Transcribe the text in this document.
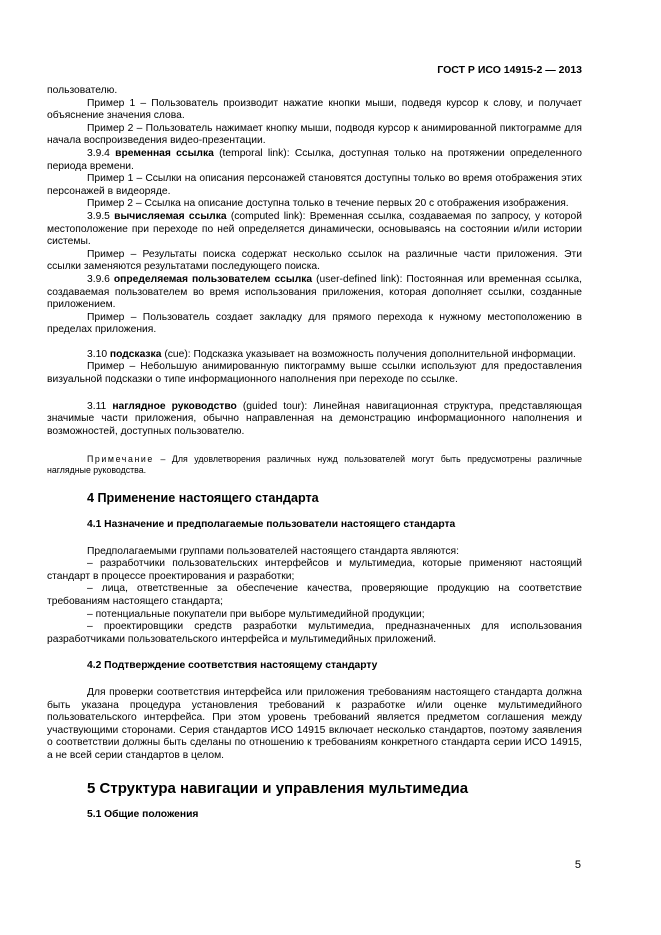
ГОСТ Р ИСО 14915-2 — 2013

пользователю.

Пример 1 – Пользователь производит нажатие кнопки мыши, подведя курсор к слову, и получает объяснение значения слова.

Пример 2 – Пользователь нажимает кнопку мыши, подводя курсор к анимированной пиктограмме для начала воспроизведения видео-презентации.

3.9.4 временная ссылка (temporal link): Ссылка, доступная только на протяжении определенного периода времени.

Пример 1 – Ссылки на описания персонажей становятся доступны только во время отображения этих персонажей в видеоряде.

Пример 2 – Ссылка на описание доступна только в течение первых 20 с отображения изображения.

3.9.5 вычисляемая ссылка (computed link): Временная ссылка, создаваемая по запросу, у которой местоположение при переходе по ней определяется динамически, основываясь на состоянии и/или истории системы.

Пример – Результаты поиска содержат несколько ссылок на различные части приложения. Эти ссылки заменяются результатами последующего поиска.

3.9.6 определяемая пользователем ссылка (user-defined link): Постоянная или временная ссылка, создаваемая пользователем во время использования приложения, которая дополняет ссылки, созданные приложением.

Пример – Пользователь создает закладку для прямого перехода к нужному местоположению в пределах приложения.

3.10 подсказка (cue): Подсказка указывает на возможность получения дополнительной информации.

Пример – Небольшую анимированную пиктограмму выше ссылки используют для предоставления визуальной подсказки о типе информационного наполнения при переходе по ссылке.

3.11 наглядное руководство (guided tour): Линейная навигационная структура, представляющая значимые части приложения, обычно направленная на демонстрацию информационного наполнения и возможностей, доступных пользователю.

Примечание – Для удовлетворения различных нужд пользователей могут быть предусмотрены различные наглядные руководства.

4 Применение настоящего стандарта
4.1 Назначение и предполагаемые пользователи настоящего стандарта

Предполагаемыми группами пользователей настоящего стандарта являются:

– разработчики пользовательских интерфейсов и мультимедиа, которые применяют настоящий стандарт в процессе проектирования и разработки;

– лица, ответственные за обеспечение качества, проверяющие продукцию на соответствие требованиям настоящего стандарта;

– потенциальные покупатели при выборе мультимедийной продукции;

– проектировщики средств разработки мультимедиа, предназначенных для использования разработчиками пользовательского интерфейса и мультимедийных приложений.

4.2 Подтверждение соответствия настоящему стандарту

Для проверки соответствия интерфейса или приложения требованиям настоящего стандарта должна быть указана процедура установления требований к разработке и/или оценке мультимедийного пользовательского интерфейса. При этом уровень требований является предметом соглашения между участвующими сторонами. Серия стандартов ИСО 14915 включает несколько стандартов, поэтому заявления о соответствии должны быть сделаны по отношению к требованиям конкретного стандарта серии ИСО 14915, а не всей серии стандартов в целом.

5 Структура навигации и управления мультимедиа
5.1 Общие положения
5
